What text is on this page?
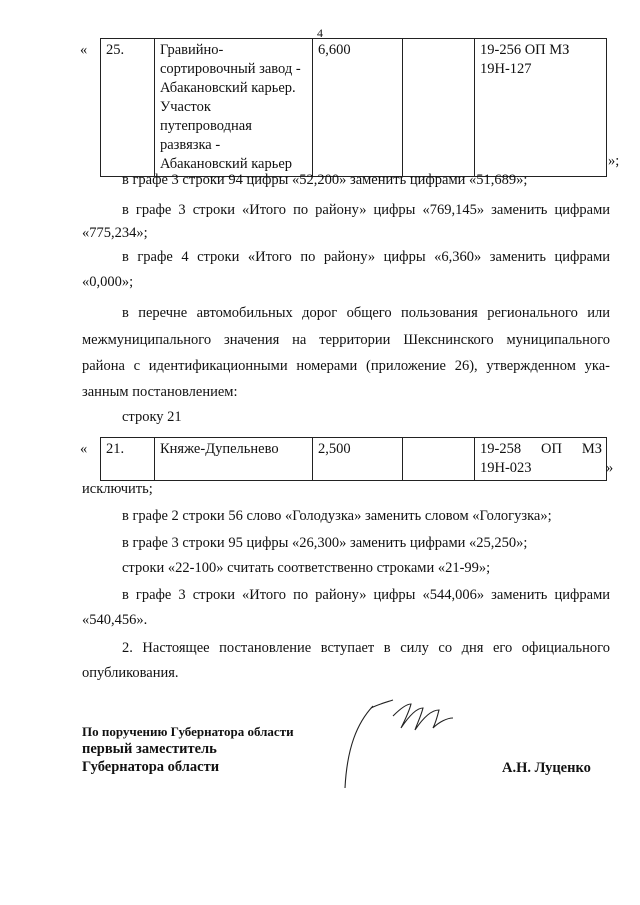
4
« 25.	Гравийно-
сортировочный завод -
Абакановский карьер.
Участок
путепроводная
развязка -
Абакановский карьер
	6,600		19-256 ОП МЗ
19Н-127
»;
в графе 3 строки 94 цифры «52,200» заменить цифрами «51,689»;
в графе 3 строки «Итого по району» цифры «769,145» заменить цифрами
«775,234»;
в графе 4 строки «Итого по району» цифры «6,360» заменить цифрами
«0,000»;
в перечне автомобильных дорог общего пользования регионального или
межмуниципального значения на территории Шекснинского муниципального
района с идентификационными номерами (приложение 26), утвержденном ука-
занным постановлением:
строку 21
« 21.	Княже-Дупельнево	2,500		19-258 ОП МЗ
19Н-023	»
исключить;
в графе 2 строки 56 слово «Голодузка» заменить словом «Гологузка»;
в графе 3 строки 95 цифры «26,300» заменить цифрами «25,250»;
строки «22-100» считать соответственно строками «21-99»;
в графе 3 строки «Итого по району» цифры «544,006» заменить цифрами
«540,456».
2. Настоящее постановление вступает в силу со дня его официального
опубликования.
По поручению Губернатора области
первый заместитель
Губернатора области	А.Н. Луценко
